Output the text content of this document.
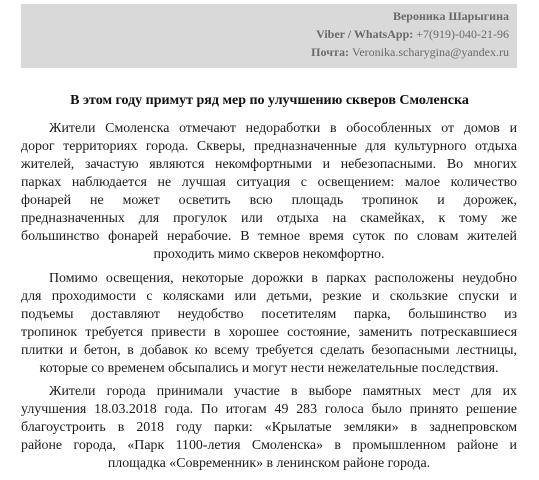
Вероника Шарыгина
Viber / WhatsApp: +7(919)-040-21-96
Почта: Veronika.scharygina@yandex.ru
В этом году примут ряд мер по улучшению скверов Смоленска
Жители Смоленска отмечают недоработки в обособленных от домов и
дорог территориях города. Скверы, предназначенные для культурного отдыха
жителей, зачастую являются некомфортными и небезопасными. Во многих
парках наблюдается не лучшая ситуация с освещением: малое количество
фонарей не может осветить всю площадь тропинок и дорожек,
предназначенных для прогулок или отдыха на скамейках, к тому же
большинство фонарей нерабочие. В темное время суток по словам жителей
проходить мимо скверов некомфортно.
Помимо освещения, некоторые дорожки в парках расположены неудобно
для проходимости с колясками или детьми, резкие и скользкие спуски и
подъемы доставляют неудобство посетителям парка, большинство из
тропинок требуется привести в хорошее состояние, заменить потрескавшиеся
плитки и бетон, в добавок ко всему требуется сделать безопасными лестницы,
которые со временем обсыпались и могут нести нежелательные последствия.
Жители города принимали участие в выборе памятных мест для их
улучшения 18.03.2018 года. По итогам 49 283 голоса было принято решение
благоустроить в 2018 году парки: «Крылатые земляки» в заднепровском
районе города, «Парк 1100-летия Смоленска» в промышленном районе и
площадка «Современник» в ленинском районе города.
